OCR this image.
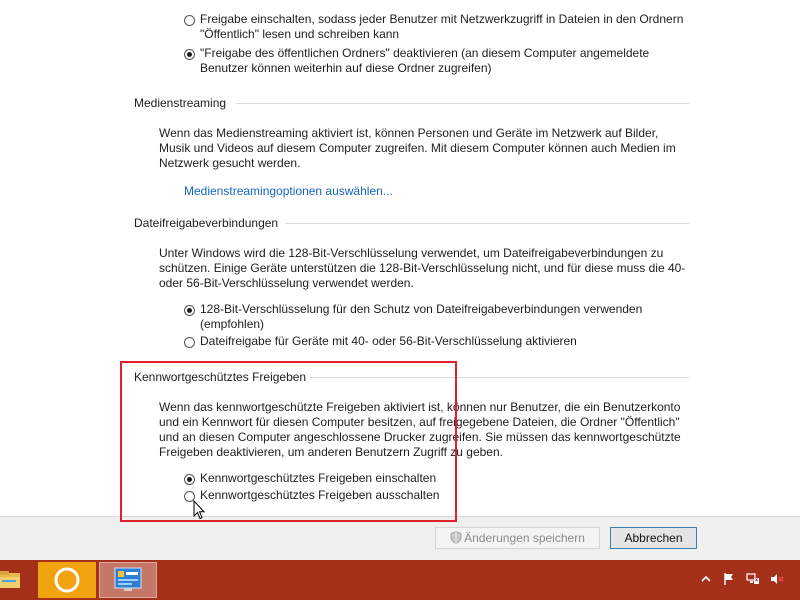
Freigabe einschalten, sodass jeder Benutzer mit Netzwerkzugriff in Dateien in den Ordnern
"Öffentlich" lesen und schreiben kann
"Freigabe des öffentlichen Ordners" deaktivieren (an diesem Computer angemeldete
Benutzer können weiterhin auf diese Ordner zugreifen)
Medienstreaming
Wenn das Medienstreaming aktiviert ist, können Personen und Geräte im Netzwerk auf Bilder,
Musik und Videos auf diesem Computer zugreifen. Mit diesem Computer können auch Medien im
Netzwerk gesucht werden.
Medienstreamingoptionen auswählen...
Dateifreigabeverbindungen
Unter Windows wird die 128-Bit-Verschlüsselung verwendet, um Dateifreigabeverbindungen zu
schützen. Einige Geräte unterstützen die 128-Bit-Verschlüsselung nicht, und für diese muss die 40-
oder 56-Bit-Verschlüsselung verwendet werden.
128-Bit-Verschlüsselung für den Schutz von Dateifreigabeverbindungen verwenden
(empfohlen)
Dateifreigabe für Geräte mit 40- oder 56-Bit-Verschlüsselung aktivieren
Kennwortgeschütztes Freigeben
Wenn das kennwortgeschützte Freigeben aktiviert ist, können nur Benutzer, die ein Benutzerkonto
und ein Kennwort für diesen Computer besitzen, auf freigegebene Dateien, die Ordner "Öffentlich"
und an diesen Computer angeschlossene Drucker zugreifen. Sie müssen das kennwortgeschützte
Freigeben deaktivieren, um anderen Benutzern Zugriff zu geben.
Kennwortgeschütztes Freigeben einschalten
Kennwortgeschütztes Freigeben ausschalten
Änderungen speichern	Abbrechen
